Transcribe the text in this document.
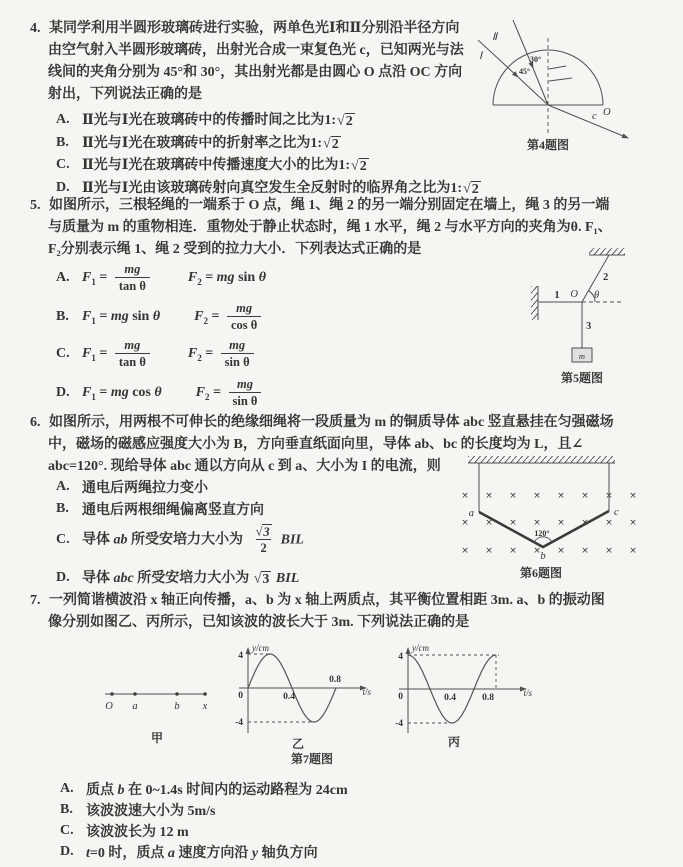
4. 某同学利用半圆形玻璃砖进行实验，两单色光Ⅰ和Ⅱ分别沿半径方向
由空气射入半圆形玻璃砖，出射光合成一束复色光 c，已知两光与法
线间的夹角分别为 45°和 30°，其出射光都是由圆心 O 点沿 OC 方向
射出，下列说法正确的是
A. Ⅱ光与Ⅰ光在玻璃砖中的传播时间之比为1: √ 2
B. Ⅱ光与Ⅰ光在玻璃砖中的折射率之比为1: √ 2
C. Ⅱ光与Ⅰ光在玻璃砖中传播速度大小的比为1: √ 2
D. Ⅱ光与Ⅰ光由该玻璃砖射向真空发生全反射时的临界角之比为1: √ 2
Ⅱ
Ⅰ	30°
45°
O
c
第4题图
5. 如图所示，三根轻绳的一端系于 O 点，绳 1、绳 2 的另一端分别固定在墙上，绳 3 的另一端
与质量为 m 的重物相连．重物处于静止状态时，绳 1 水平，绳 2 与水平方向的夹角为θ. F₁、
F₂分别表示绳 1、绳 2 受到的拉力大小．下列表达式正确的是
A. $F_1 = \frac{mg}{\text{tan θ}}$	$F_2$ = mg sin θ
B. $F_1$ = mg sin θ $F_2 = \frac{mg}{\text{cos θ}}$
C. $F_1 = \frac{mg}{\text{tan θ}}$	$F_2 = \frac{mg}{\text{sin θ}}$
D. $F_1$ = mg cos θ $F_2 = \frac{mg}{\text{sin θ}}$
1 O θ
2
3
m
第5题图
6. 如图所示，用两根不可伸长的绝缘细绳将一段质量为 m 的铜质导体 abc 竖直悬挂在匀强磁场
中，磁场的磁感应强度大小为 B，方向垂直纸面向里，导体 ab、bc 的长度均为 L，且∠
abc=120°. 现给导体 abc 通以方向从 c 到 a、大小为 I 的电流，则
A. 通电后两绳拉力变小
B. 通电后两根细绳偏离竖直方向
C. 导体 ab 所受安培力大小为 $\frac{√ 3}{2}$ BIL
D. 导体 abc 所受安培力大小为 √ 3 BIL
× × × × × × × ×
× × × × × × × ×
× × × × × × × ×
a	c
b
120°
第6题图
7. 一列简谐横波沿 x 轴正向传播，a、b 为 x 轴上两质点，其平衡位置相距 3m. a、b 的振动图
像分别如图乙、丙所示，已知该波的波长大于 3m. 下列说法正确的是
O a	b x
甲
y/cm
t/s
4
0
-4
0.4
0.8
乙
y/cm
t/s
4
0
-4
0.4	0.8
丙
第7题图
A. 质点 b 在 0~1.4s 时间内的运动路程为 24cm
B. 该波波速大小为 5m/s
C. 该波波长为 12 m
D. t=0 时，质点 a 速度方向沿 y 轴负方向
